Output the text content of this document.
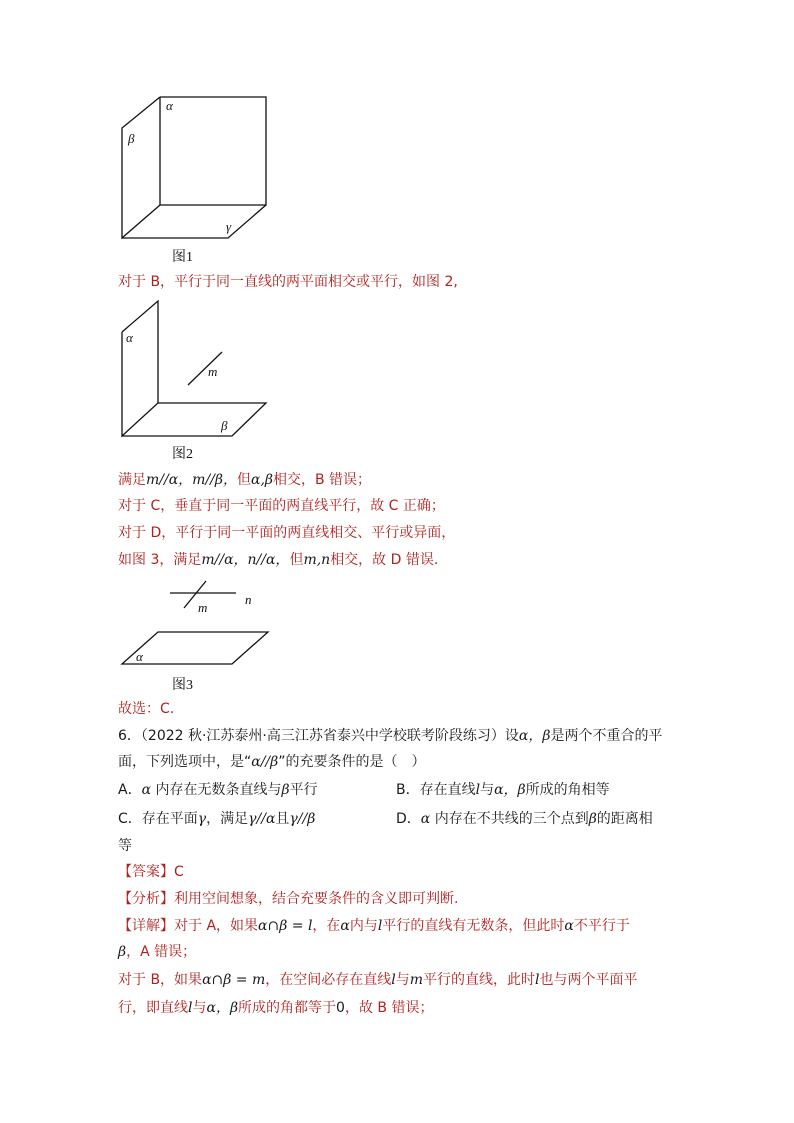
α
β
γ
α
m
β
n
m
α
图1
对于 B，平行于同一直线的两平面相交或平行，如图 2,
图2
满足m//α，m//β，但α,β相交，B 错误；
对于 C，垂直于同一平面的两直线平行，故 C 正确；
对于 D，平行于同一平面的两直线相交、平行或异面，
如图 3，满足m//α，n//α，但m,n相交，故 D 错误.
图3
故选：C.
6．（2022 秋·江苏泰州·高三江苏省泰兴中学校联考阶段练习）设α，β是两个不重合的平
面，下列选项中，是“α//β”的充要条件的是（　）
A．α 内存在无数条直线与β平行	B．存在直线l与α，β所成的角相等
C．存在平面γ，满足γ//α且γ//β	D．α 内存在不共线的三个点到β的距离相
等
【答案】C
【分析】利用空间想象，结合充要条件的含义即可判断.
【详解】对于 A，如果α∩β = l，在α内与l平行的直线有无数条，但此时α不平行于
β，A 错误；
对于 B，如果α∩β = m，在空间必存在直线l与m平行的直线，此时l也与两个平面平
行，即直线l与α，β所成的角都等于0，故 B 错误；
